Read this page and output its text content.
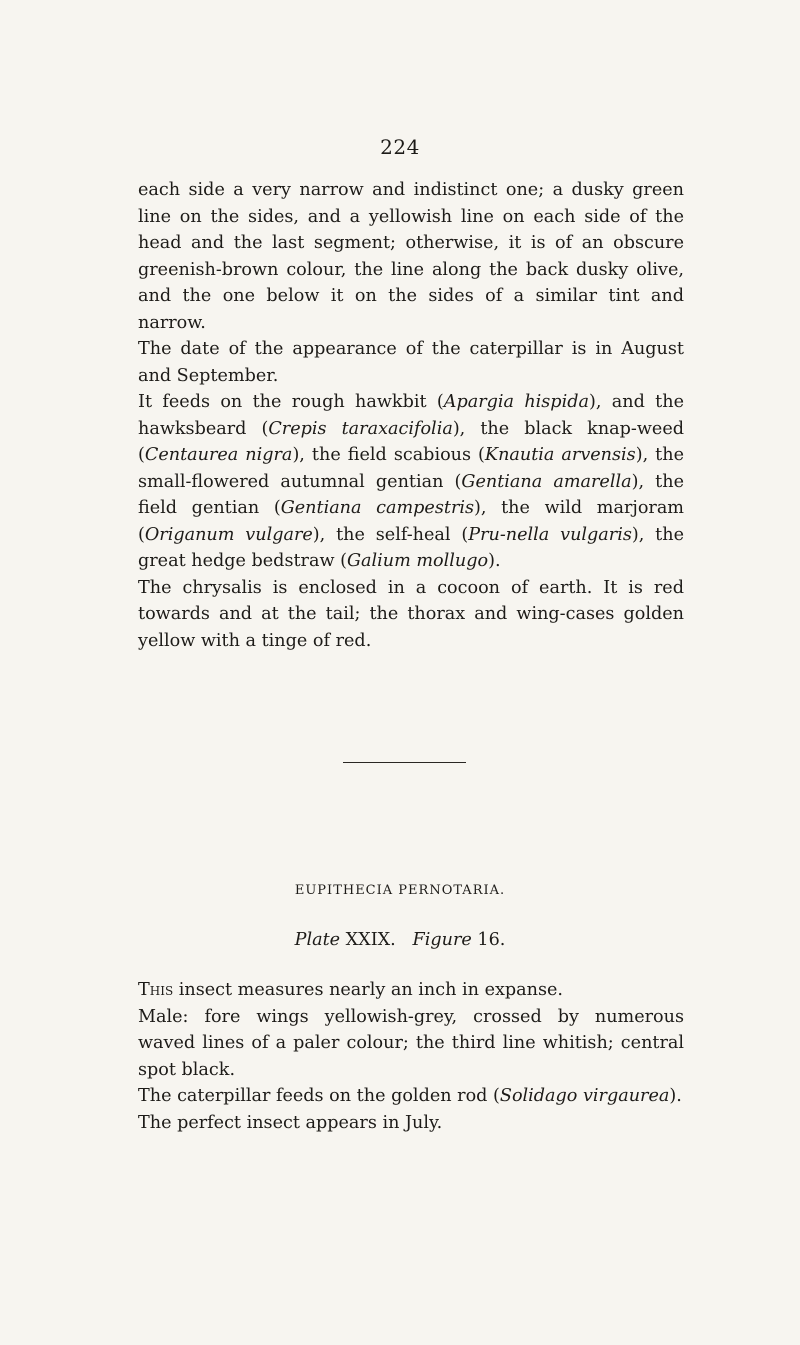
224

each side a very narrow and indistinct one; a dusky green line on the sides, and a yellowish line on each side of the head and the last segment; otherwise, it is of an obscure greenish-brown colour, the line along the back dusky olive, and the one below it on the sides of a similar tint and narrow.

The date of the appearance of the caterpillar is in August and September.

It feeds on the rough hawkbit (Apargia hispida), and the hawksbeard (Crepis taraxacifolia), the black knap-weed (Centaurea nigra), the field scabious (Knautia arvensis), the small-flowered autumnal gentian (Gentiana amarella), the field gentian (Gentiana campestris), the wild marjoram (Origanum vulgare), the self-heal (Pru-nella vulgaris), the great hedge bedstraw (Galium mollugo).

The chrysalis is enclosed in a cocoon of earth. It is red towards and at the tail; the thorax and wing-cases golden yellow with a tinge of red.

EUPITHECIA PERNOTARIA.
Plate XXIX. Figure 16.

This insect measures nearly an inch in expanse.

Male: fore wings yellowish-grey, crossed by numerous waved lines of a paler colour; the third line whitish; central spot black.

The caterpillar feeds on the golden rod (Solidago virgaurea).

The perfect insect appears in July.
